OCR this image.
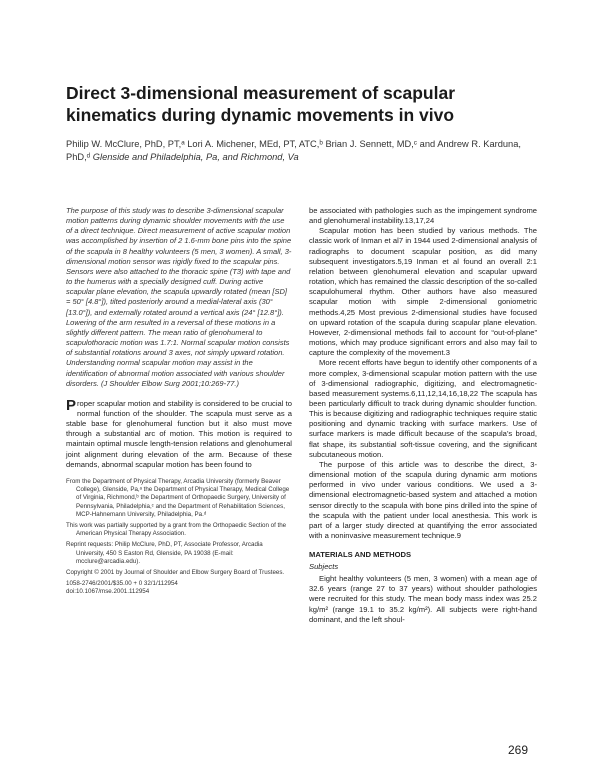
Direct 3-dimensional measurement of scapular kinematics during dynamic movements in vivo

Philip W. McClure, PhD, PT,ᵃ Lori A. Michener, MEd, PT, ATC,ᵇ Brian J. Sennett, MD,ᶜ and Andrew R. Karduna, PhD,ᵈ Glenside and Philadelphia, Pa, and Richmond, Va

The purpose of this study was to describe 3-dimensional scapular motion patterns during dynamic shoulder movements with the use of a direct technique. Direct measurement of active scapular motion was accomplished by insertion of 2 1.6-mm bone pins into the spine of the scapula in 8 healthy volunteers (5 men, 3 women). A small, 3-dimensional motion sensor was rigidly fixed to the scapular pins. Sensors were also attached to the thoracic spine (T3) with tape and to the humerus with a specially designed cuff. During active scapular plane elevation, the scapula upwardly rotated (mean [SD] = 50° [4.8°]), tilted posteriorly around a medial-lateral axis (30° [13.0°]), and externally rotated around a vertical axis (24° [12.8°]). Lowering of the arm resulted in a reversal of these motions in a slightly different pattern. The mean ratio of glenohumeral to scapulothoracic motion was 1.7:1. Normal scapular motion consists of substantial rotations around 3 axes, not simply upward rotation. Understanding normal scapular motion may assist in the identification of abnormal motion associated with various shoulder disorders. (J Shoulder Elbow Surg 2001;10:269-77.)

Proper scapular motion and stability is considered to be crucial to normal function of the shoulder. The scapula must serve as a stable base for glenohumeral function but it also must move through a substantial arc of motion. This motion is required to maintain optimal muscle length-tension relations and glenohumeral joint alignment during elevation of the arm. Because of these demands, abnormal scapular motion has been found to

From the Department of Physical Therapy, Arcadia University (formerly Beaver College), Glenside, Pa,ᵃ the Department of Physical Therapy, Medical College of Virginia, Richmond,ᵇ the Department of Orthopaedic Surgery, University of Pennsylvania, Philadelphia,ᶜ and the Department of Rehabilitation Sciences, MCP-Hahnemann University, Philadelphia, Pa.ᵈ

This work was partially supported by a grant from the Orthopaedic Section of the American Physical Therapy Association.

Reprint requests: Philip McClure, PhD, PT, Associate Professor, Arcadia University, 450 S Easton Rd, Glenside, PA 19038 (E-mail: mcclure@arcadia.edu).

Copyright © 2001 by Journal of Shoulder and Elbow Surgery Board of Trustees.

1058-2746/2001/$35.00 + 0 32/1/112954

doi:10.1067/mse.2001.112954

be associated with pathologies such as the impingement syndrome and glenohumeral instability.13,17,24

Scapular motion has been studied by various methods. The classic work of Inman et al7 in 1944 used 2-dimensional analysis of radiographs to document scapular position, as did many subsequent investigators.5,19 Inman et al found an overall 2:1 relation between glenohumeral elevation and scapular upward rotation, which has remained the classic description of the so-called scapulohumeral rhythm. Other authors have also measured scapular motion with simple 2-dimensional goniometric methods.4,25 Most previous 2-dimensional studies have focused on upward rotation of the scapula during scapular plane elevation. However, 2-dimensional methods fail to account for “out-of-plane” motions, which may produce significant errors and also may fail to capture the complexity of the movement.3

More recent efforts have begun to identify other components of a more complex, 3-dimensional scapular motion pattern with the use of 3-dimensional radiographic, digitizing, and electromagnetic-based measurement systems.6,11,12,14,16,18,22 The scapula has been particularly difficult to track during dynamic shoulder function. This is because digitizing and radiographic techniques require static positioning and dynamic tracking with surface markers. Use of surface markers is made difficult because of the scapula’s broad, flat shape, its substantial soft-tissue covering, and the significant subcutaneous motion.

The purpose of this article was to describe the direct, 3-dimensional motion of the scapula during dynamic arm motions performed in vivo under various conditions. We used a 3-dimensional electromagnetic-based system and attached a motion sensor directly to the scapula with bone pins drilled into the spine of the scapula with the patient under local anesthesia. This work is part of a larger study directed at quantifying the error associated with a noninvasive measurement technique.9

MATERIALS AND METHODS
Subjects

Eight healthy volunteers (5 men, 3 women) with a mean age of 32.6 years (range 27 to 37 years) without shoulder pathologies were recruited for this study. The mean body mass index was 25.2 kg/m² (range 19.1 to 35.2 kg/m²). All subjects were right-hand dominant, and the left shoul-

269
